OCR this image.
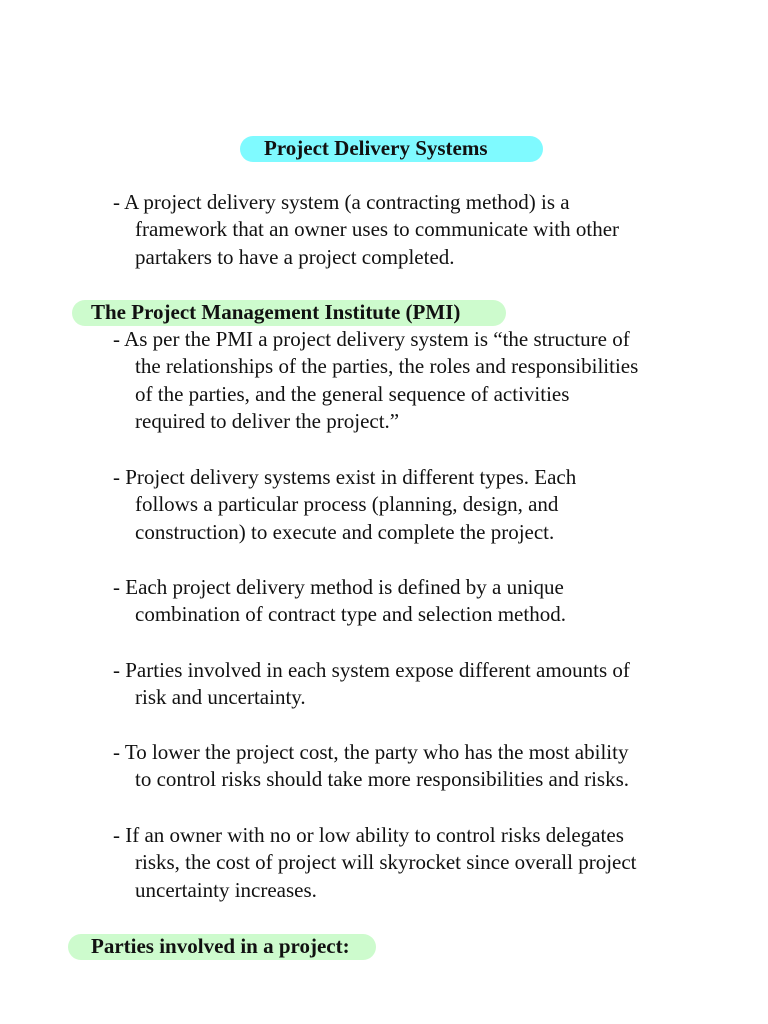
Project Delivery Systems

- A project delivery system (a contracting method) is a
framework that an owner uses to communicate with other
partakers to have a project completed.

The Project Management Institute (PMI)

- As per the PMI a project delivery system is “the structure of
the relationships of the parties, the roles and responsibilities
of the parties, and the general sequence of activities
required to deliver the project.”

- Project delivery systems exist in different types. Each
follows a particular process (planning, design, and
construction) to execute and complete the project.

- Each project delivery method is defined by a unique
combination of contract type and selection method.

- Parties involved in each system expose different amounts of
risk and uncertainty.

- To lower the project cost, the party who has the most ability
to control risks should take more responsibilities and risks.

- If an owner with no or low ability to control risks delegates
risks, the cost of project will skyrocket since overall project
uncertainty increases.

Parties involved in a project:
